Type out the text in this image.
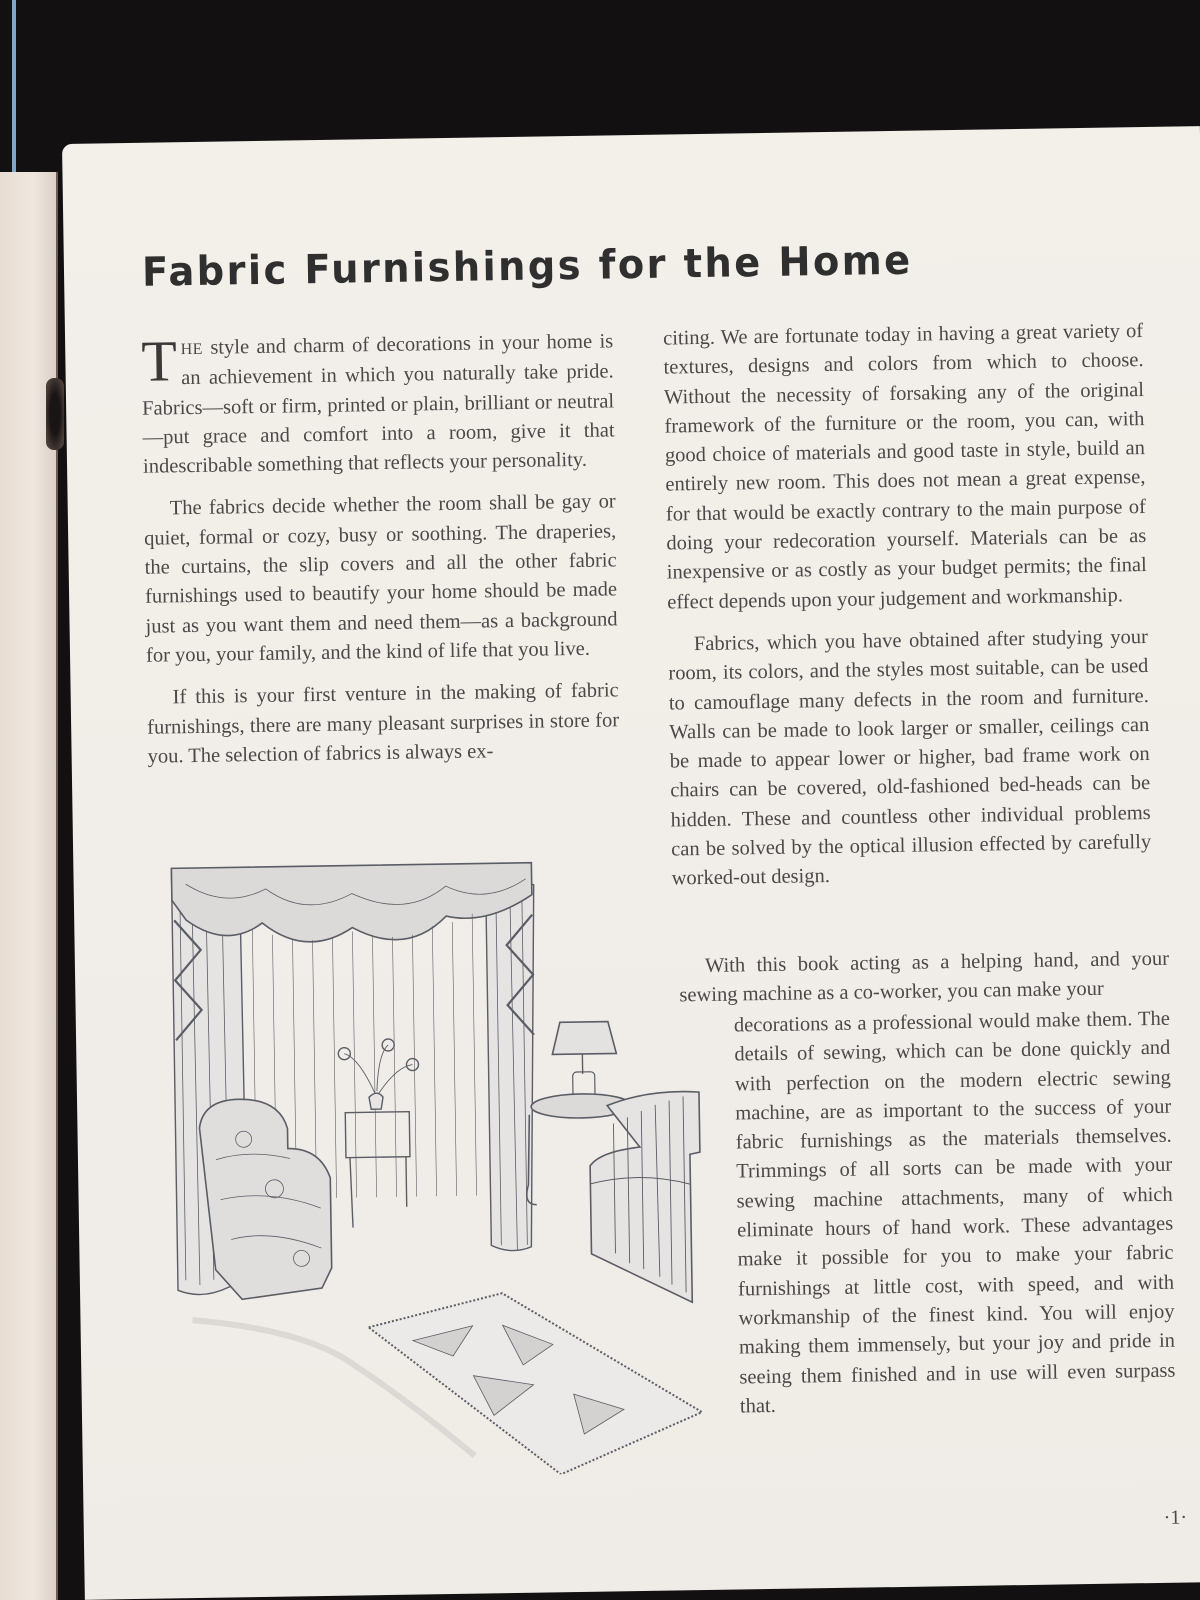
Fabric Furnishings for the Home

THE style and charm of decorations in your home is an achievement in which you naturally take pride. Fabrics—soft or firm, printed or plain, brilliant or neutral—put grace and comfort into a room, give it that indescribable something that reflects your personality.

The fabrics decide whether the room shall be gay or quiet, formal or cozy, busy or soothing. The draperies, the curtains, the slip covers and all the other fabric furnishings used to beautify your home should be made just as you want them and need them—as a background for you, your family, and the kind of life that you live.

If this is your first venture in the making of fabric furnishings, there are many pleasant surprises in store for you. The selection of fabrics is always ex-

citing. We are fortunate today in having a great variety of textures, designs and colors from which to choose. Without the necessity of forsaking any of the original framework of the furniture or the room, you can, with good choice of materials and good taste in style, build an entirely new room. This does not mean a great expense, for that would be exactly contrary to the main purpose of doing your redecoration yourself. Materials can be as inexpensive or as costly as your budget permits; the final effect depends upon your judgement and workmanship.

Fabrics, which you have obtained after studying your room, its colors, and the styles most suitable, can be used to camouflage many defects in the room and furniture. Walls can be made to look larger or smaller, ceilings can be made to appear lower or higher, bad frame work on chairs can be covered, old-fashioned bed-heads can be hidden. These and countless other individual problems can be solved by the optical illusion effected by carefully worked-out design.

With this book acting as a helping hand, and your sewing machine as a co-worker, you can make your

decorations as a professional would make them. The details of sewing, which can be done quickly and with perfection on the modern electric sewing machine, are as important to the success of your fabric furnishings as the materials themselves. Trimmings of all sorts can be made with your sewing machine attachments, many of which eliminate hours of hand work. These advantages make it possible for you to make your fabric furnishings at little cost, with speed, and with workmanship of the finest kind. You will enjoy making them immensely, but your joy and pride in seeing them finished and in use will even surpass that.

·1·
